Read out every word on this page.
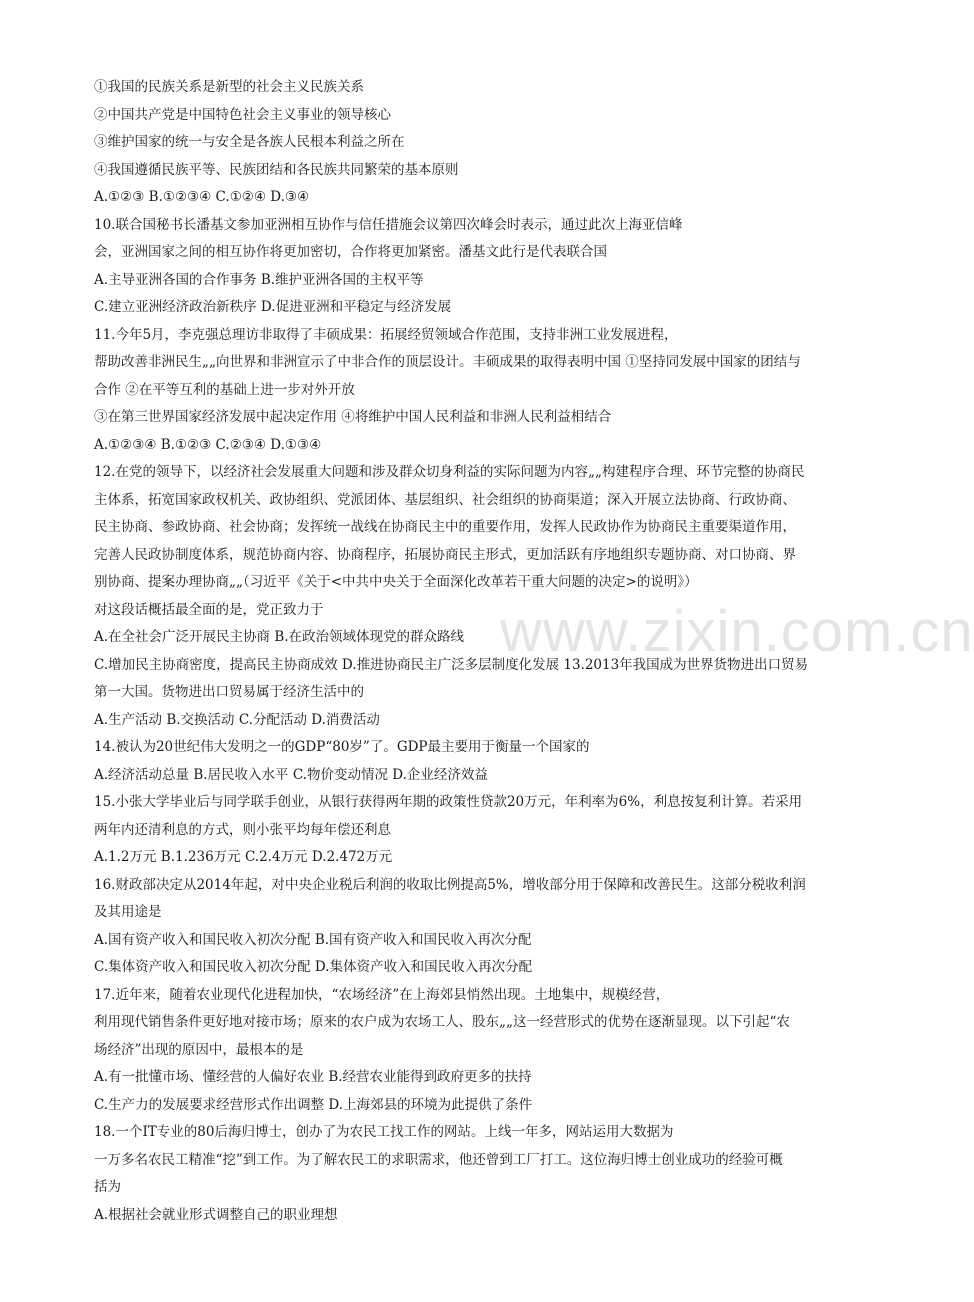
①我国的民族关系是新型的社会主义民族关系
②中国共产党是中国特色社会主义事业的领导核心
③维护国家的统一与安全是各族人民根本利益之所在
④我国遵循民族平等、民族团结和各民族共同繁荣的基本原则
A.①②③ B.①②③④ C.①②④ D.③④
10.联合国秘书长潘基文参加亚洲相互协作与信任措施会议第四次峰会时表示，通过此次上海亚信峰
会，亚洲国家之间的相互协作将更加密切，合作将更加紧密。潘基文此行是代表联合国
A.主导亚洲各国的合作事务 B.维护亚洲各国的主权平等
C.建立亚洲经济政治新秩序 D.促进亚洲和平稳定与经济发展
11.今年5月，李克强总理访非取得了丰硕成果：拓展经贸领域合作范围，支持非洲工业发展进程，
帮助改善非洲民生„„向世界和非洲宣示了中非合作的顶层设计。丰硕成果的取得表明中国 ①坚持同发展中国家的团结与
合作 ②在平等互利的基础上进一步对外开放
③在第三世界国家经济发展中起决定作用 ④将维护中国人民利益和非洲人民利益相结合
A.①②③④ B.①②③ C.②③④ D.①③④
12.在党的领导下，以经济社会发展重大问题和涉及群众切身利益的实际问题为内容„„构建程序合理、环节完整的协商民
主体系，拓宽国家政权机关、政协组织、党派团体、基层组织、社会组织的协商渠道；深入开展立法协商、行政协商、
民主协商、参政协商、社会协商；发挥统一战线在协商民主中的重要作用，发挥人民政协作为协商民主重要渠道作用，
完善人民政协制度体系，规范协商内容、协商程序，拓展协商民主形式，更加活跃有序地组织专题协商、对口协商、界
别协商、提案办理协商„„（习近平《关于<中共中央关于全面深化改革若干重大问题的决定>的说明》）
对这段话概括最全面的是，党正致力于
A.在全社会广泛开展民主协商 B.在政治领域体现党的群众路线
C.增加民主协商密度，提高民主协商成效 D.推进协商民主广泛多层制度化发展 13.2013年我国成为世界货物进出口贸易
第一大国。货物进出口贸易属于经济生活中的
A.生产活动 B.交换活动 C.分配活动 D.消费活动
14.被认为20世纪伟大发明之一的GDP“80岁”了。GDP最主要用于衡量一个国家的
A.经济活动总量 B.居民收入水平 C.物价变动情况 D.企业经济效益
15.小张大学毕业后与同学联手创业，从银行获得两年期的政策性贷款20万元，年利率为6%，利息按复利计算。若采用
两年内还清利息的方式，则小张平均每年偿还利息
A.1.2万元 B.1.236万元 C.2.4万元 D.2.472万元
16.财政部决定从2014年起，对中央企业税后利润的收取比例提高5%，增收部分用于保障和改善民生。这部分税收利润
及其用途是
A.国有资产收入和国民收入初次分配 B.国有资产收入和国民收入再次分配
C.集体资产收入和国民收入初次分配 D.集体资产收入和国民收入再次分配
17.近年来，随着农业现代化进程加快，“农场经济”在上海郊县悄然出现。土地集中，规模经营，
利用现代销售条件更好地对接市场；原来的农户成为农场工人、股东„„这一经营形式的优势在逐渐显现。以下引起“农
场经济”出现的原因中，最根本的是
A.有一批懂市场、懂经营的人偏好农业 B.经营农业能得到政府更多的扶持
C.生产力的发展要求经营形式作出调整 D.上海郊县的环境为此提供了条件
18.一个IT专业的80后海归博士，创办了为农民工找工作的网站。上线一年多，网站运用大数据为
一万多名农民工精准“挖”到工作。为了解农民工的求职需求，他还曾到工厂打工。这位海归博士创业成功的经验可概
括为
A.根据社会就业形式调整自己的职业理想
www.zixin.com.cn
